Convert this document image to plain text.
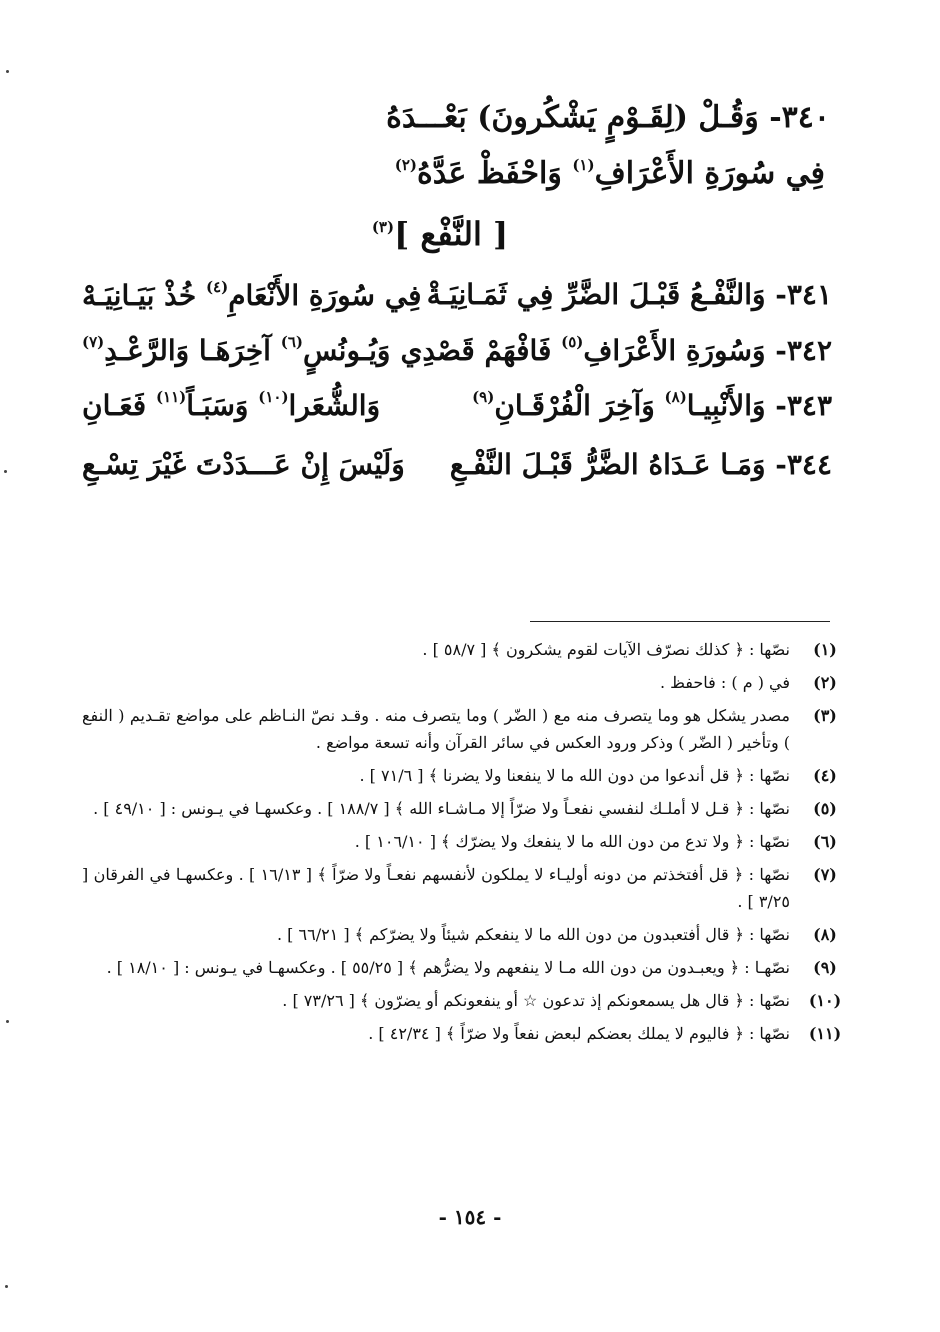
٣٤٠- وَقُـلْ (لِقَـوْمٍ يَشْكُرونَ) بَعْـــدَهُ
فِي سُورَةِ الأَعْرَافِ$^{(١)}$ وَاحْفَظْ عَدَّهُ$^{(٢)}$
[ النَّفْع ]$^{(٣)}$
٣٤١- وَالنَّفْـعُ قَبْـلَ الضَّرِّ فِي ثَمَـانِيَـةْ
فِي سُورَةِ الأَنْعَامِ$^{(٤)}$ خُذْ بَيَـانِيَـهْ
٣٤٢- وَسُورَةِ الأَعْرَافِ$^{(٥)}$ فَافْهَمْ قَصْدِي
وَيُـونُسٍ$^{(٦)}$ آخِرَهَـا وَالرَّعْـدِ$^{(٧)}$
٣٤٣- وَالأَنْبِيـا$^{(٨)}$ وَآخِرَ الْفُرْقَـانِ$^{(٩)}$
وَالشُّعَرا$^{(١٠)}$ وَسَبَـاً$^{(١١)}$ فَعَـانِ
٣٤٤- وَمَـا عَـدَاهُ الضَّرُّ قَبْـلَ النَّفْـعِ
وَلَيْسَ إِنْ عَـــدَدْتَ غَيْرَ تِسْـعِ
(١)
نصّها : ﴿ كذلك نصرّف الآيات لقوم يشكرون ﴾ [ ٥٨/٧ ] .
(٢)
في ( م ) : فاحفظ .
(٣)
مصدر يشكل هو وما يتصرف منه مع ( الضّر ) وما يتصرف منه . وقـد نصّ النـاظم على مواضع تقـديم ( النفع ) وتأخير ( الضّر ) وذكر ورود العكس في سائر القرآن وأنه تسعة مواضع .
(٤)
نصّها : ﴿ قل أندعوا من دون الله ما لا ينفعنا ولا يضرنا ﴾ [ ٧١/٦ ] .
(٥)
نصّها : ﴿ قـل لا أملـك لنفسي نفعـاً ولا ضرّاً إلا مـاشـاء الله ﴾ [ ١٨٨/٧ ] . وعكسهـا في يـونس : [ ٤٩/١٠ ] .
(٦)
نصّها : ﴿ ولا تدع من دون الله ما لا ينفعك ولا يضرّك ﴾ [ ١٠٦/١٠ ] .
(٧)
نصّها : ﴿ قل أفتخذتم من دونه أوليـاء لا يملكون لأنفسهم نفعـاً ولا ضرّاً ﴾ [ ١٦/١٣ ] . وعكسهـا في الفرقان [ ٣/٢٥ ] .
(٨)
نصّها : ﴿ قال أفتعبدون من دون الله ما لا ينفعكم شيئاً ولا يضرّكم ﴾ [ ٦٦/٢١ ] .
(٩)
نصّهـا : ﴿ ويعبـدون من دون الله مـا لا ينفعهم ولا يضرُّهم ﴾ [ ٥٥/٢٥ ] . وعكسهـا في يـونس : [ ١٨/١٠ ] .
(١٠)
نصّها : ﴿ قال هل يسمعونكم إذ تدعون ☆ أو ينفعونكم أو يضرّون ﴾ [ ٧٣/٢٦ ] .
(١١)
نصّها : ﴿ فاليوم لا يملك بعضكم لبعض نفعاً ولا ضرّاً ﴾ [ ٤٢/٣٤ ] .
- ١٥٤ -
